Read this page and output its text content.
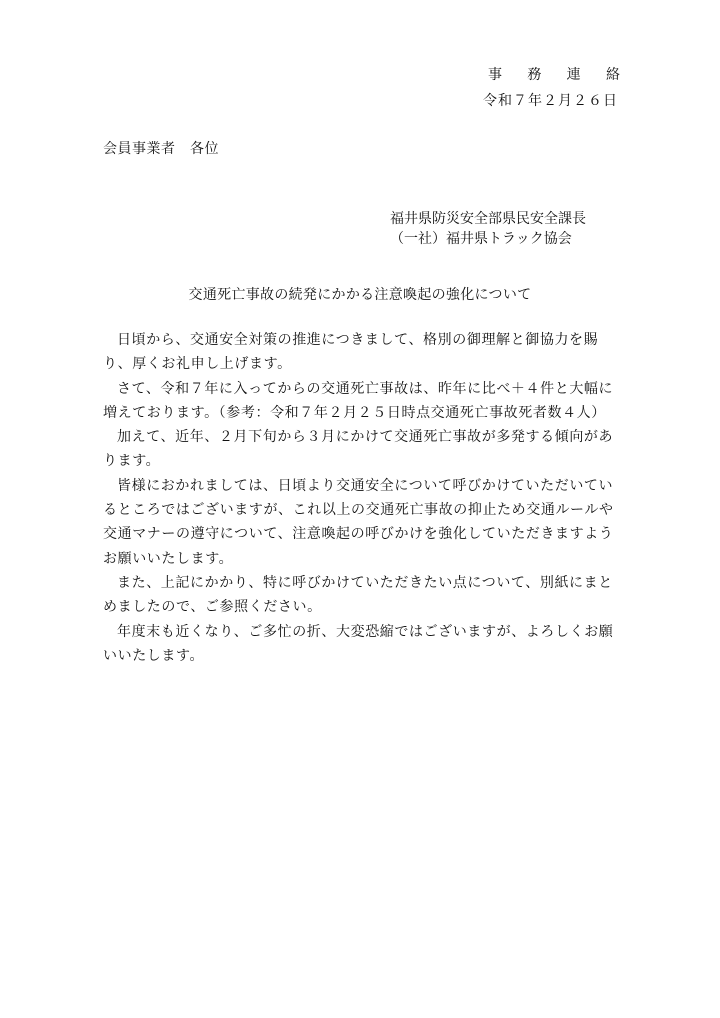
事 務 連 絡
令和７年２月２６日
会員事業者　各位
福井県防災安全部県民安全課長
（一社）福井県トラック協会
交通死亡事故の続発にかかる注意喚起の強化について

日頃から、交通安全対策の推進につきまして、格別の御理解と御協力を賜り、厚くお礼申し上げます。

さて、令和７年に入ってからの交通死亡事故は、昨年に比べ＋４件と大幅に増えております。（参考：令和７年２月２５日時点交通死亡事故死者数４人）

加えて、近年、２月下旬から３月にかけて交通死亡事故が多発する傾向があります。

皆様におかれましては、日頃より交通安全について呼びかけていただいているところではございますが、これ以上の交通死亡事故の抑止ため交通ルールや交通マナーの遵守について、注意喚起の呼びかけを強化していただきますようお願いいたします。

また、上記にかかり、特に呼びかけていただきたい点について、別紙にまとめましたので、ご参照ください。

年度末も近くなり、ご多忙の折、大変恐縮ではございますが、よろしくお願いいたします。
